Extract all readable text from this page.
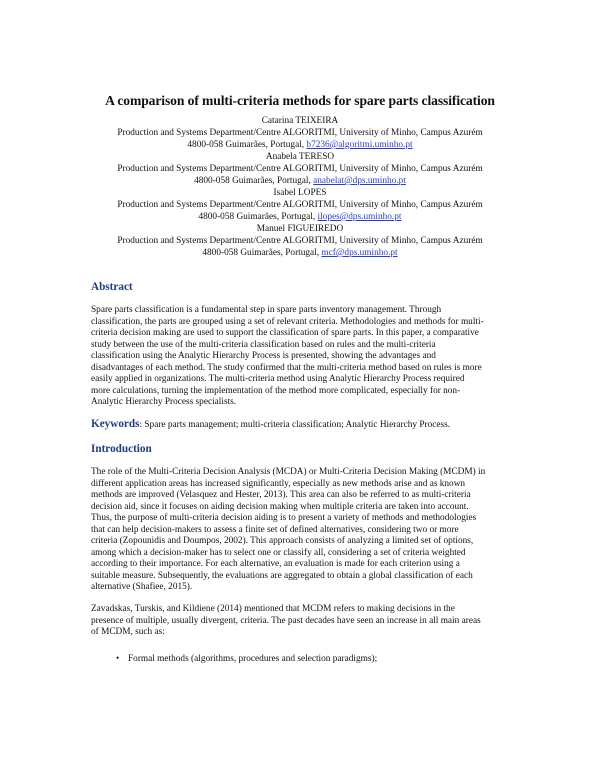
A comparison of multi-criteria methods for spare parts classification
Catarina TEIXEIRA
Production and Systems Department/Centre ALGORITMI, University of Minho, Campus Azurém
4800-058 Guimarães, Portugal, b7236@algoritmi.uminho.pt
Anabela TERESO
Production and Systems Department/Centre ALGORITMI, University of Minho, Campus Azurém
4800-058 Guimarães, Portugal, anabelat@dps.uminho.pt
Isabel LOPES
Production and Systems Department/Centre ALGORITMI, University of Minho, Campus Azurém
4800-058 Guimarães, Portugal, ilopes@dps.uminho.pt
Manuel FIGUEIREDO
Production and Systems Department/Centre ALGORITMI, University of Minho, Campus Azurém
4800-058 Guimarães, Portugal, mcf@dps.uminho.pt
Abstract
Spare parts classification is a fundamental step in spare parts inventory management. Through
classification, the parts are grouped using a set of relevant criteria. Methodologies and methods for multi-
criteria decision making are used to support the classification of spare parts. In this paper, a comparative
study between the use of the multi-criteria classification based on rules and the multi-criteria
classification using the Analytic Hierarchy Process is presented, showing the advantages and
disadvantages of each method. The study confirmed that the multi-criteria method based on rules is more
easily applied in organizations. The multi-criteria method using Analytic Hierarchy Process required
more calculations, turning the implementation of the method more complicated, especially for non-
Analytic Hierarchy Process specialists.
Keywords: Spare parts management; multi-criteria classification; Analytic Hierarchy Process.
Introduction
The role of the Multi-Criteria Decision Analysis (MCDA) or Multi-Criteria Decision Making (MCDM) in
different application areas has increased significantly, especially as new methods arise and as known
methods are improved (Velasquez and Hester, 2013). This area can also be referred to as multi-criteria
decision aid, since it focuses on aiding decision making when multiple criteria are taken into account.
Thus, the purpose of multi-criteria decision aiding is to present a variety of methods and methodologies
that can help decision-makers to assess a finite set of defined alternatives, considering two or more
criteria (Zopounidis and Doumpos, 2002). This approach consists of analyzing a limited set of options,
among which a decision-maker has to select one or classify all, considering a set of criteria weighted
according to their importance. For each alternative, an evaluation is made for each criterion using a
suitable measure. Subsequently, the evaluations are aggregated to obtain a global classification of each
alternative (Shafiee, 2015).
Zavadskas, Turskis, and Kildiene (2014) mentioned that MCDM refers to making decisions in the
presence of multiple, usually divergent, criteria. The past decades have seen an increase in all main areas
of MCDM, such as:
• Formal methods (algorithms, procedures and selection paradigms);
